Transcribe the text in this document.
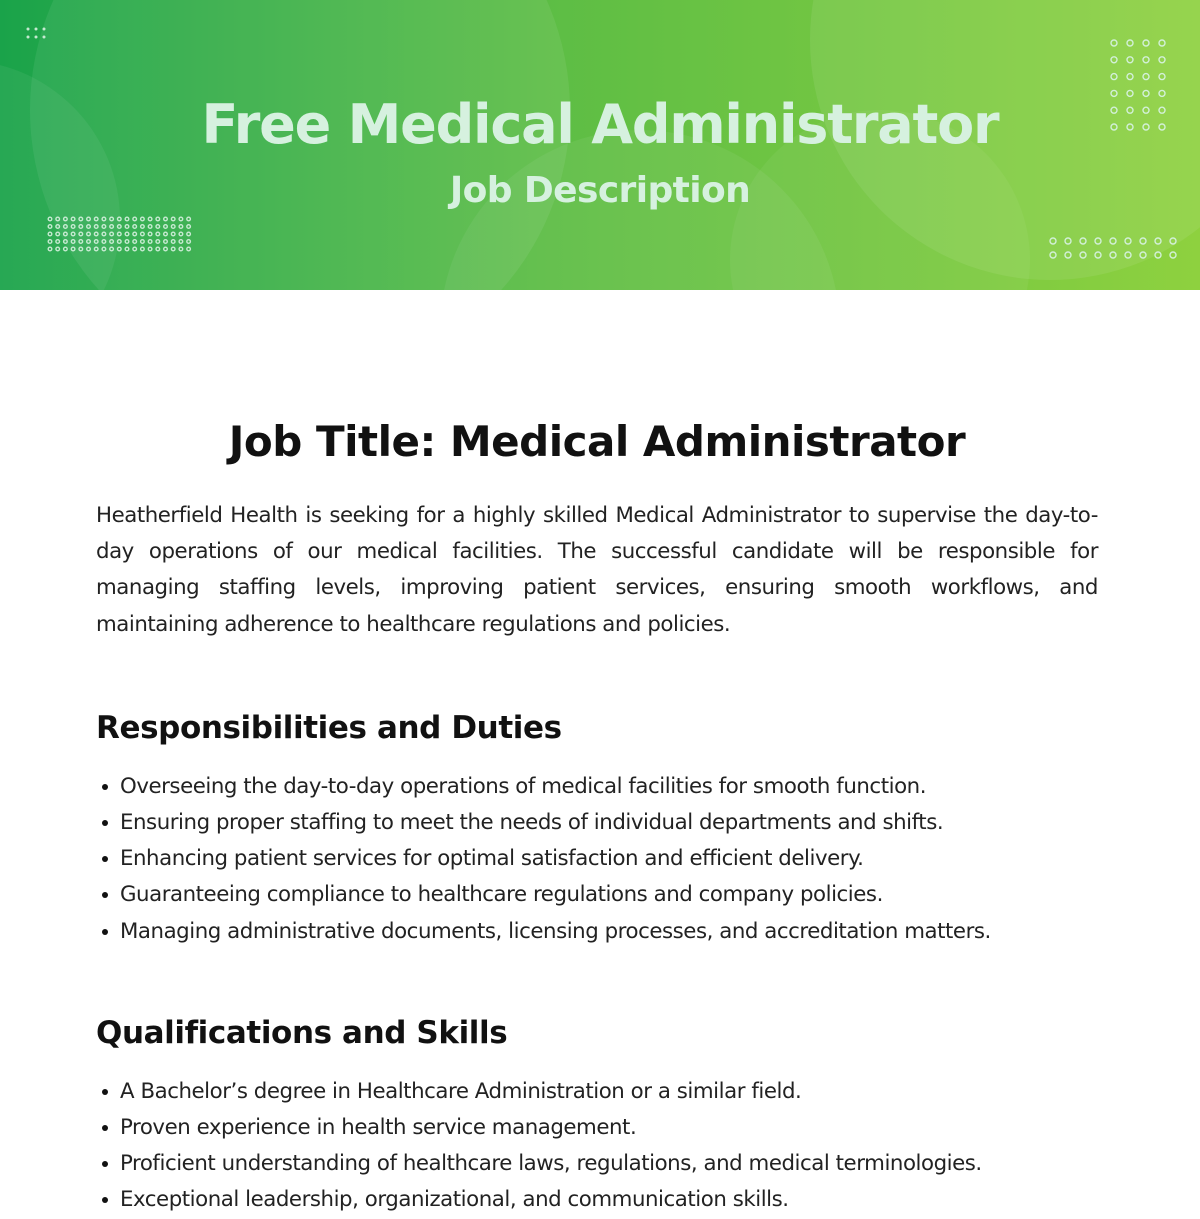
Free Medical Administrator
Job Description
Job Title: Medical Administrator

Heatherfield Health is seeking for a highly skilled Medical Administrator to supervise the day-to-day operations of our medical facilities. The successful candidate will be responsible for managing staffing levels, improving patient services, ensuring smooth workflows, and maintaining adherence to healthcare regulations and policies.

Responsibilities and Duties
Overseeing the day-to-day operations of medical facilities for smooth function.
Ensuring proper staffing to meet the needs of individual departments and shifts.
Enhancing patient services for optimal satisfaction and efficient delivery.
Guaranteeing compliance to healthcare regulations and company policies.
Managing administrative documents, licensing processes, and accreditation matters.
Qualifications and Skills
A Bachelor’s degree in Healthcare Administration or a similar field.
Proven experience in health service management.
Proficient understanding of healthcare laws, regulations, and medical terminologies.
Exceptional leadership, organizational, and communication skills.
